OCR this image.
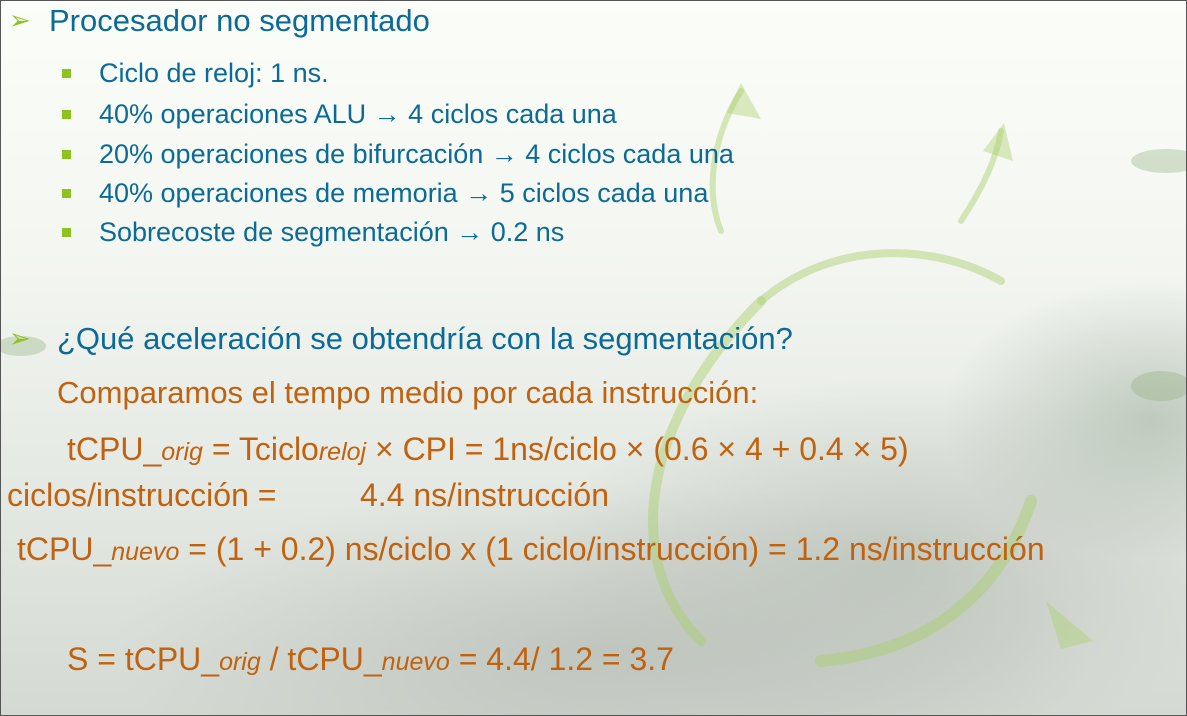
➢ Procesador no segmentado
Ciclo de reloj: 1 ns.
40% operaciones ALU → 4 ciclos cada una
20% operaciones de bifurcación → 4 ciclos cada una
40% operaciones de memoria → 5 ciclos cada una
Sobrecoste de segmentación → 0.2 ns
➢ ¿Qué aceleración se obtendría con la segmentación?
Comparamos el tempo medio por cada instrucción:
tCPU_orig = Tcicloreloj × CPI = 1ns/ciclo × (0.6 × 4 + 0.4 × 5)
ciclos/instrucción =	4.4 ns/instrucción
tCPU_nuevo = (1 + 0.2) ns/ciclo x (1 ciclo/instrucción) = 1.2 ns/instrucción
S = tCPU_orig / tCPU_nuevo = 4.4/ 1.2 = 3.7
